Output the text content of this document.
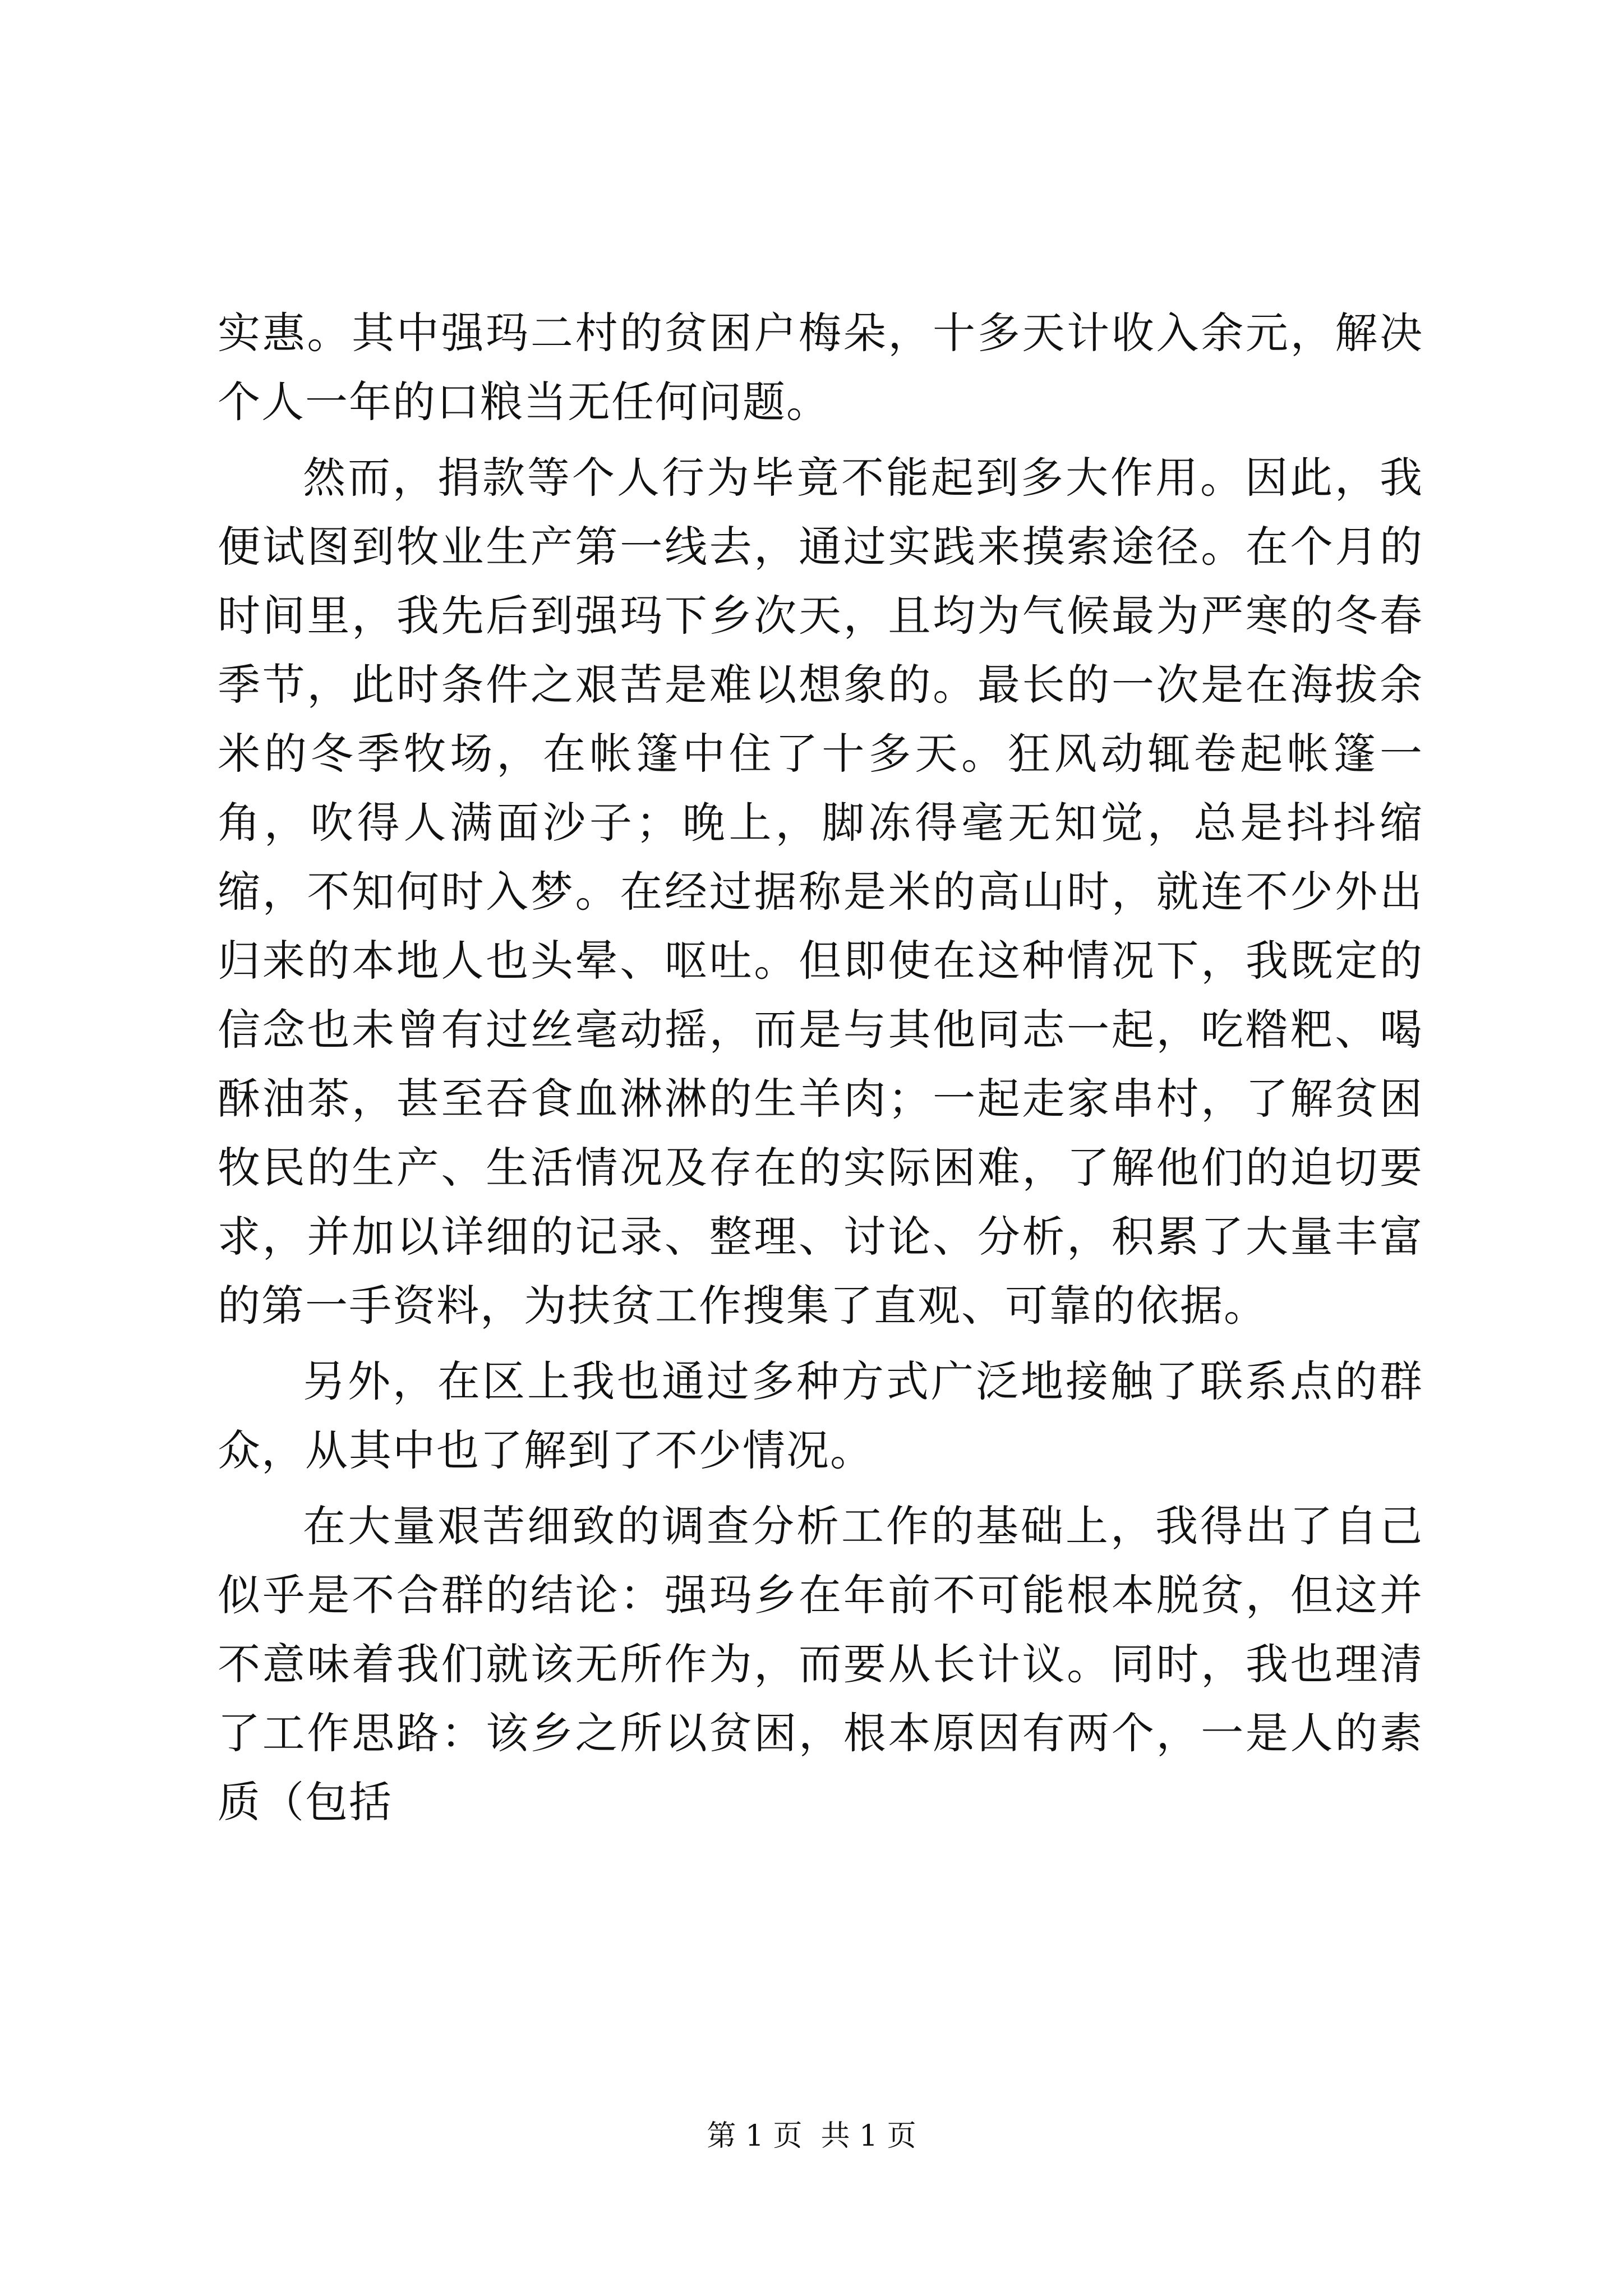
实惠。其中强玛二村的贫困户梅朵，十多天计收入余元，解决个人一年的口粮当无任何问题。

然而，捐款等个人行为毕竟不能起到多大作用。因此，我便试图到牧业生产第一线去，通过实践来摸索途径。在个月的时间里，我先后到强玛下乡次天，且均为气候最为严寒的冬春季节，此时条件之艰苦是难以想象的。最长的一次是在海拔余米的冬季牧场，在帐篷中住了十多天。狂风动辄卷起帐篷一角，吹得人满面沙子；晚上，脚冻得毫无知觉，总是抖抖缩缩，不知何时入梦。在经过据称是米的高山时，就连不少外出归来的本地人也头晕、呕吐。但即使在这种情况下，我既定的信念也未曾有过丝毫动摇，而是与其他同志一起，吃糌粑、喝酥油茶，甚至吞食血淋淋的生羊肉；一起走家串村，了解贫困牧民的生产、生活情况及存在的实际困难，了解他们的迫切要求，并加以详细的记录、整理、讨论、分析，积累了大量丰富的第一手资料，为扶贫工作搜集了直观、可靠的依据。

另外，在区上我也通过多种方式广泛地接触了联系点的群众，从其中也了解到了不少情况。

在大量艰苦细致的调查分析工作的基础上，我得出了自己似乎是不合群的结论：强玛乡在年前不可能根本脱贫，但这并不意味着我们就该无所作为，而要从长计议。同时，我也理清了工作思路：该乡之所以贫困，根本原因有两个，一是人的素质（包括

第 1 页  共 1 页
